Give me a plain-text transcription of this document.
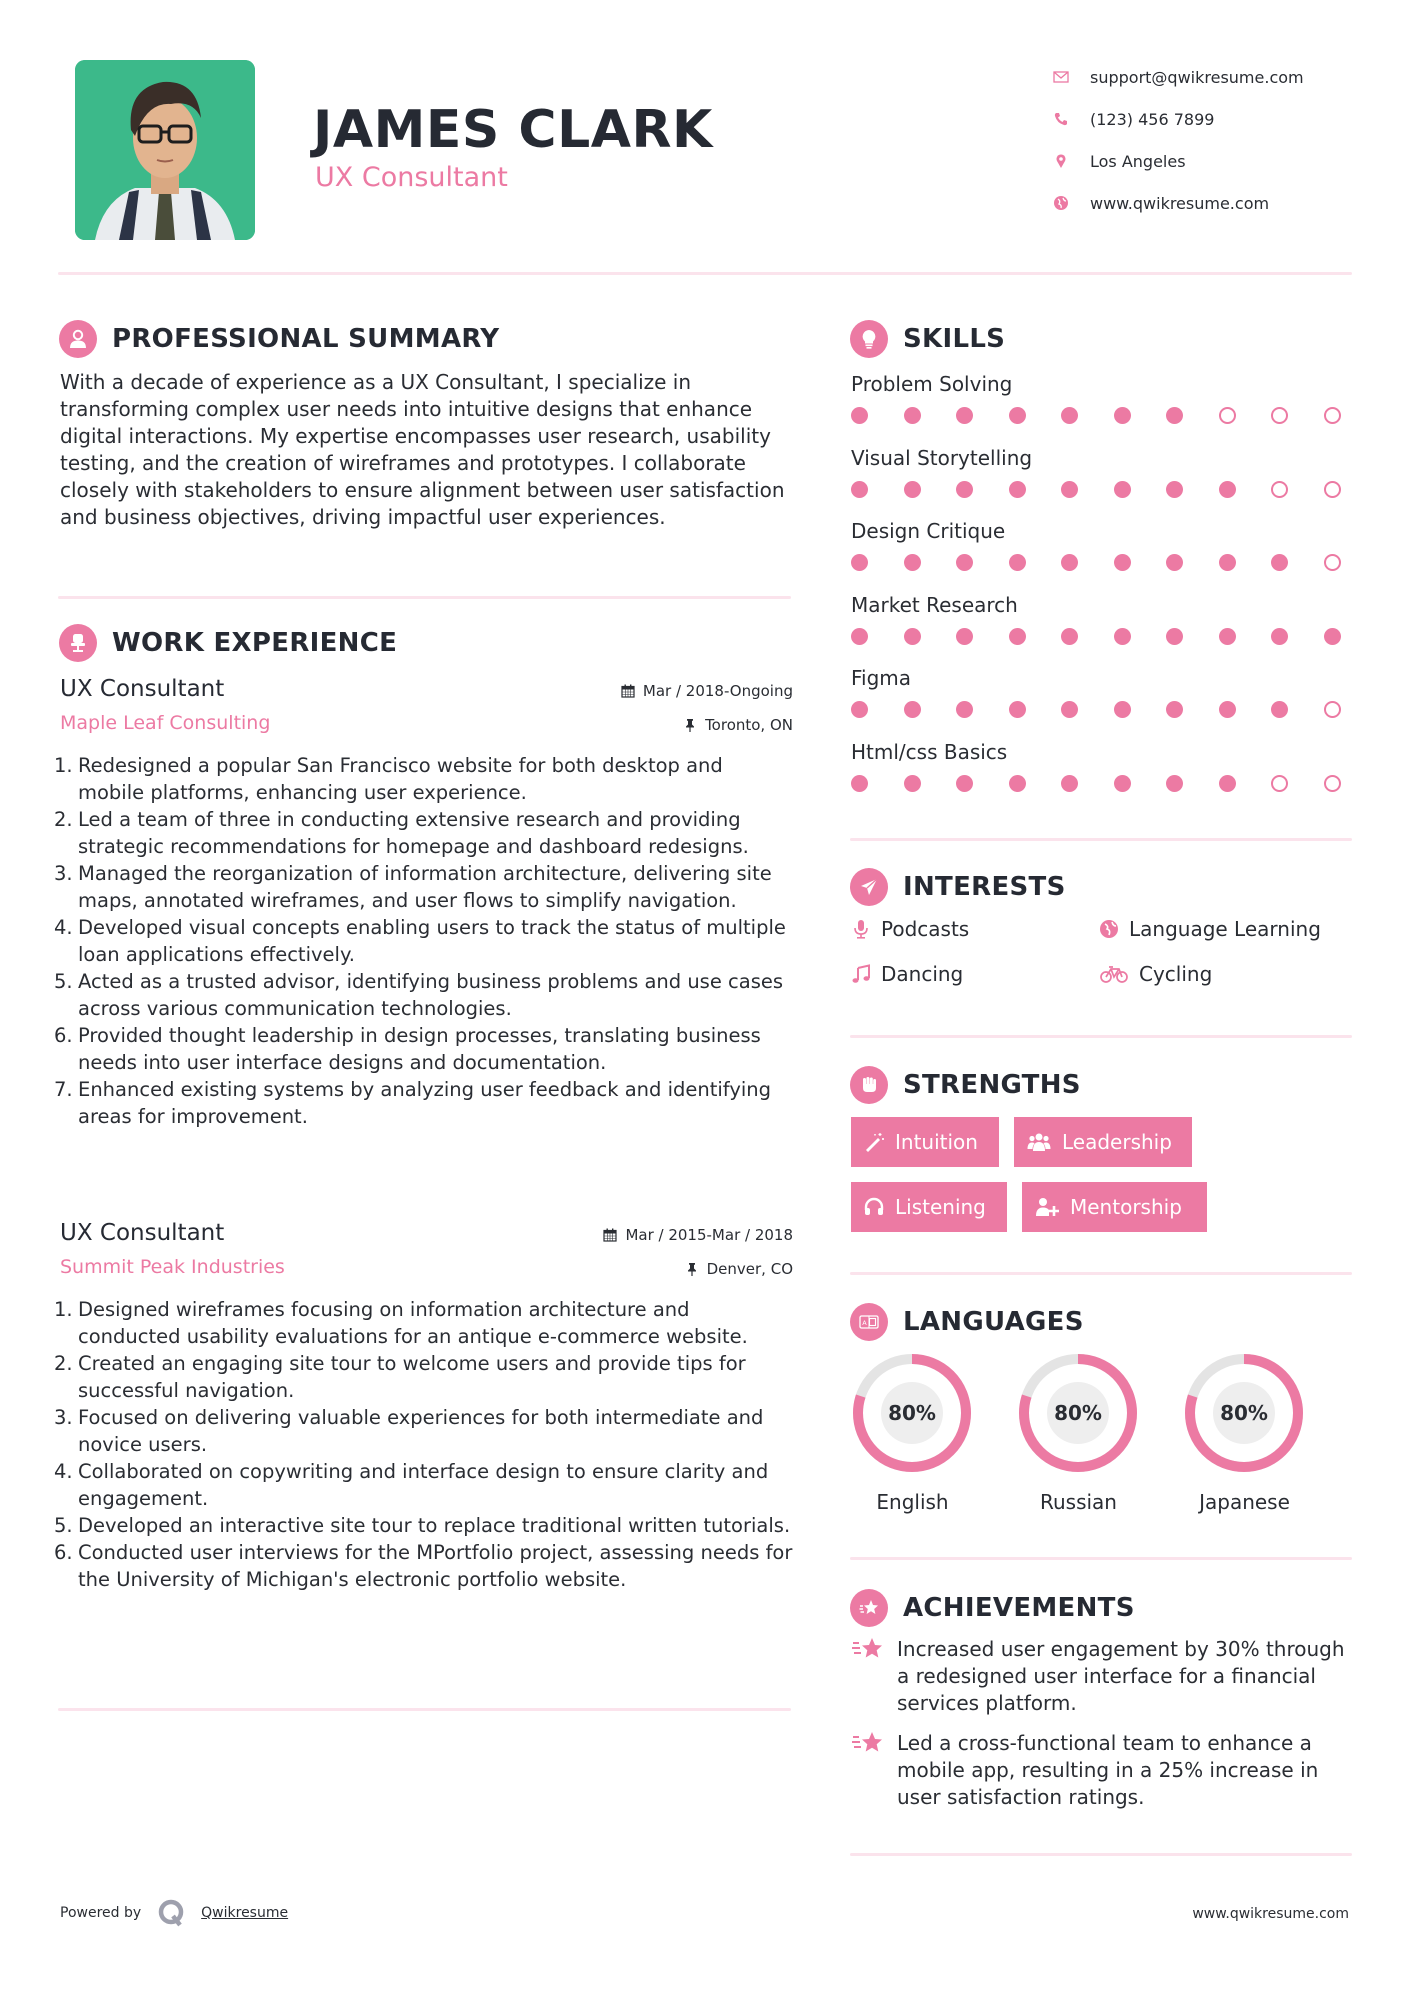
JAMES CLARK
UX Consultant
support@qwikresume.com
(123) 456 7899
Los Angeles
www.qwikresume.com
PROFESSIONAL SUMMARY
With a decade of experience as a UX Consultant, I specialize in transforming complex user needs into intuitive designs that enhance digital interactions. My expertise encompasses user research, usability testing, and the creation of wireframes and prototypes. I collaborate closely with stakeholders to ensure alignment between user satisfaction and business objectives, driving impactful user experiences.
WORK EXPERIENCE
UX Consultant	Mar / 2018-Ongoing
Maple Leaf Consulting	Toronto, ON
1. Redesigned a popular San Francisco website for both desktop and mobile platforms, enhancing user experience.
2. Led a team of three in conducting extensive research and providing strategic recommendations for homepage and dashboard redesigns.
3. Managed the reorganization of information architecture, delivering site maps, annotated wireframes, and user flows to simplify navigation.
4. Developed visual concepts enabling users to track the status of multiple loan applications effectively.
5. Acted as a trusted advisor, identifying business problems and use cases across various communication technologies.
6. Provided thought leadership in design processes, translating business needs into user interface designs and documentation.
7. Enhanced existing systems by analyzing user feedback and identifying areas for improvement.
UX Consultant	Mar / 2015-Mar / 2018
Summit Peak Industries	Denver, CO
1. Designed wireframes focusing on information architecture and conducted usability evaluations for an antique e-commerce website.
2. Created an engaging site tour to welcome users and provide tips for successful navigation.
3. Focused on delivering valuable experiences for both intermediate and novice users.
4. Collaborated on copywriting and interface design to ensure clarity and engagement.
5. Developed an interactive site tour to replace traditional written tutorials.
6. Conducted user interviews for the MPortfolio project, assessing needs for the University of Michigan's electronic portfolio website.
SKILLS
Problem Solving
Visual Storytelling
Design Critique
Market Research
Figma
Html/css Basics
INTERESTS
Podcasts	Language Learning
Dancing	Cycling
STRENGTHS
Intuition	Leadership
Listening	Mentorship
A LANGUAGES
80%
English
80%
Russian
80%
Japanese
ACHIEVEMENTS
Increased user engagement by 30% through a redesigned user interface for a financial services platform.
Led a cross-functional team to enhance a mobile app, resulting in a 25% increase in user satisfaction ratings.
Powered by	Qwikresume	www.qwikresume.com
